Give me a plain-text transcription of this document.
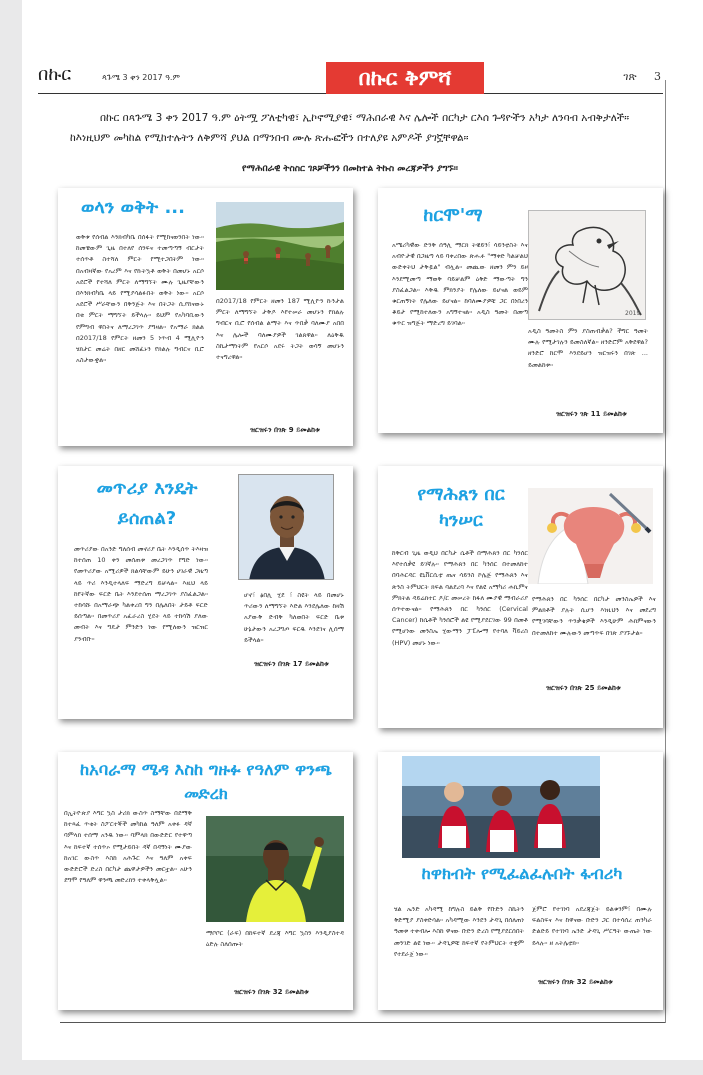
በኩር	ጳጉሜ 3 ቀን 2017 ዓ.ም	በኩር ቅምሻ	ገጽ 3
በኩር በጳጉሜ 3 ቀን 2017 ዓ.ም ዕትሟ ፖለቲካዊ፣ ኢኮኖሚያዊ፣ ማሕበራዊ እና ሌሎች በርካታ ርእሰ ጉዳዮችን አካታ ለንባብ አብቅታለች። ከእነዚህም መካከል የሚከተሉትን ለቅምሻ ያህል በማንበብ ሙሉ ጽሑፎችን በተለያዩ አምዶች ያገኟቸዋል።
የማሕበራዊ ትስስር ገጾቻችንን በመከተል ትኩስ መረጃዎችን ያግኙ።
ወላን ወቅት ...
ወቅቱ የሰብል እንክብካቤ በሰፋት የሚከናወንበት ነው። ከመቼውም ጊዜ በተለየ ሰንፍና ተመጣጣኝ ብርታት ተሰጥቶ ስተሻለ ምርት የሚተጋበትም ነው። በአብዛኛው የአረም እና የኩትኳቶ ወቅት በመሆኑ አርሶ አደሮች የተሻለ ምርት ለማግኘት ሙሉ ጊዜያቸውን በእንክብካቤ ላይ የሚያሳልፉበት ወቅት ነው። አርሶ አደሮች ሥራቸውን በቅንጅት እና በትጋት ሲያከናውኑ በቂ ምርት ማግኘት ይችላሉ። ይህም የአካባቢውን የምግብ ዋስትና ለማረጋገጥ ያግዛል። የአማራ ክልል በ2017/18 የምርት ዘመን 5 ነጥብ 4 ሚሊዮን ሄክታር መሬት በዘር መሸፈኑን የክልሉ ግብርና ቢሮ አስታውቋል።
በ2017/18 የምርት ዘመን 187 ሚሊዮን ኩንታል ምርት ለማግኘት ታቅዶ እየተሠራ መሆኑን የክልሉ ግብርና ቢሮ የሰብል ልማት እና ጥበቃ ባለሙያ አበበ እና ሌሎች ባለሙያዎች ገልጸዋል። ለዕቅዱ ስኬታማነትም የአርሶ አደሩ ትጋት ወሳኝ መሆኑን ተናግረዋል።
ዝርዝሩን በገጽ 9 ይመልከቱ
ከርሞ'ማ
አሜሪካዊው ድንቅ ሰዓሊ ማርክ ትዌይን፣ ሳይንቲስት እና አብዮታዊ በጋዜጣ ላይ ባቀረበው ጽሑፉ "ማቀድ ካልቻልህ ውድቀትህ ታቅዷል" ብሏል። መጪው ዘመን ምን ይዞ እንደሚመጣ ማወቅ ባይቻልም ዕቅድ ማውጣት ግን ያስፈልጋል። እቅዱ ምክንያት የሌለው ይሆናል ወይም ቁርጠኝነት የሌለው ይሆናል። ከባለሙያዎቹ ጋር በነበረን ቆይታ የሚከተለውን አግኝተናል። አዲስ ዓመት በመጣ ቁጥር ዝግጅት ማድረግ ይገባል።
2019
አዲስ ዓመትስ ምን ያስጠብቃል? ችግር ዓመት ሙሉ የሚታገሉን ይመስለኛል። ዘንድሮም አቅደዋል? ዘንድሮ ከርሞ እንደይሆን ዝርዝሩን በገጽ ... ይመልከቱ።
ዝርዝሩን ገጽ 11 ይመልከቱ
መጥሪያ እንዴት ይሰጠል?
መጥሪያው በአንድ ግለሰብ መኖሪያ ቤት እንዲሰጥ ትእዛዝ ከተሰጠ 10 ቀን መሰጠቱ መረጋገጥ የግድ ነው። የመጥሪያው አሚሪዎች ክልሳቸውም ይሁን ሀገራዊ ጋዜጣ ላይ ጥሪ እንዲተላለፍ ማድረግ ይቻላል። እዚህ ላይ ከየትኛው ፍርድ ቤት እንደተሰጠ ማረጋገጥ ያስፈልጋል። ተከሳሹ በአማራጭ ካልቀረበ ግን በሌለበት ታይቶ ፍርድ ይሰጣል። በመጥሪያ አፈራረስ ሂደት ላይ ተከሳሽ ያለው መብት እና ግዴታ ምንድን ነው የሚለውን ዝርዝር ያንብቡ።
ሆኖ፣ ፅበሊ ሂደ ፣ ስዩት ላይ በመሆኑ ጥሪውን ለማግኘት እድል እንደሌለው ከዛሽ አያውቅ ድብቅ ካለወበት ፍርድ ቤቱ ሁኔታውን አረጋግጦ ፍርዱ እንደገና ሊሰማ ይችላል።
ዝርዝሩን በገጽ 17 ይመልከቱ
የማሕጸን በር ካንሠር
ከቅርብ ጊዜ ወዲህ በርካታ ሴቶች በማሕጸን በር ካንሰር እየተሰቃዩ ይገኛሉ። የማሕጸን በር ካንሰር በተመለከተ በባሕርዳር ዩኒቨርሲቲ ጤና ሳይንስ ኮሌጅ የማሕጸን እና ጽንስ ትምህርት ክፍል ባልደረባ እና የልዩ አማካሪ ሐኪምና ምክትል ዳይሬክተር ዶ/ር መሠረት ከፋለ ሙያዊ ማብራሪያ ሰጥተውናል። የማሕጸን በር ካንሰር (Cervical Cancer) ከሴቶች ካንሰሮች ልዩ የሚያደርገው 99 በመቶ የሚሆነው መንስኤ ሂውማን ፓፒሎማ የተባለ ቫይረስ (HPV) መሆኑ ነው።
የማሕጸን በር ካንሰር በርካታ መንስኤዎች እና ምልክቶች ያሉት ሲሆን እነዚህን እና መደረግ የሚገባቸውን ጥንቃቄዎች እንዲሁም ሕክምናውን በተመለከተ ሙሉውን መጣጥፍ በገጽ ያገኙታል።
ዝርዝሩን በገጽ 25 ይመልከቱ
ከአባራማ ሜዳ እስከ ግዙፉ የዓለም ዋንጫ መድረክ
በኢትዮጵያ እግር ኳስ ታሪክ ውስጥ ስማቸው በደማቅ ከተጻፈ ጥቂት ስፖርተኞች መካከል ዓለም አቀፉ ዳኛ ባምላክ ተሰማ አንዱ ነው። ባምላክ በውድድር የተዋጣ እና ከፍተኛ ተሰጥኦ የሚታይበት ዳኛ በዳኝነት ሙያው ከአገር ውስጥ እስከ አሕጉር እና ዓለም አቀፍ ውድድሮች ድረስ በርካታ ጨዋታዎችን መርቷል። አሁን ደግሞ የዓለም ዋንጫ መድረክን ተቀላቅሏል።
ማቦቦር (ራፍ) በከፍተኛ ደረጃ እግር ኳስን እንዲያስተዳ ዕድሉ ስለሰጡት
ዝርዝሩን በገጽ 32 ይመልከቱ
ከዋክብት የሚፈልፈሉበት ፋብሪካ
ሄል ኤንድ አካዳሚ ከግሉስ ይልቅ የቡድን ስኬትን ቅድሚያ ያስቀድሳል። አካዳሚው እንደን ታዳጊ በሰለጠነ ዓመቱ ተቀብሎ እስከ ዋናው ቡድን ድረስ የሚያደርሰበት መንገድ ልዩ ነው። ታዳጊዎቹ ከፍተኛ የትምህርት ተቋም የተደራጀ ነው።
ጀምሮ የተገነባ አደረጃጀት ይልቁንም፣ በሙሉ ፍልስፍና እና ከዋናው ቡድን ጋር በተሳሰረ ጠንካራ ድልድይ የተገነባ ኤንድ ታዳጊ ሥርዓት ውጤት ነው ይላሉ። ዘ አትሌቲክ።
ዝርዝሩን በገጽ 32 ይመልከቱ
